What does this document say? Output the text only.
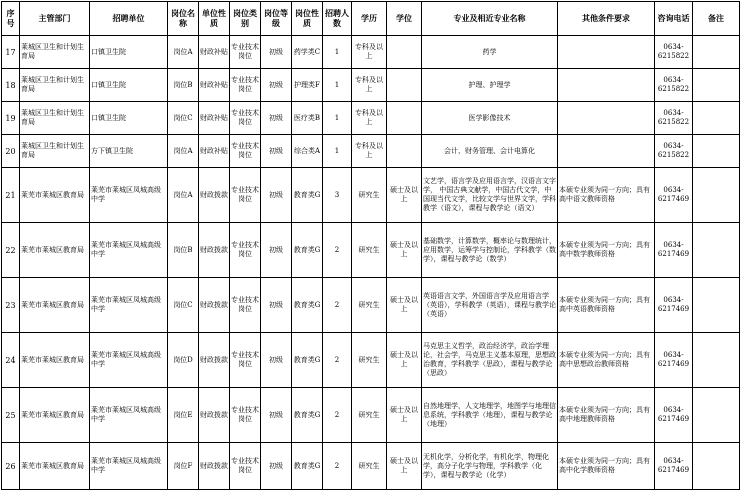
序号	主管部门	招聘单位	岗位名称	单位性质	岗位类别	岗位等级	岗位性质	招聘人数	学历	学位	专业及相近专业名称	其他条件要求	咨询电话	备注
17	莱城区卫生和计划生育局	口镇卫生院	岗位A	财政补贴	专业技术岗位	初级	药学类C	1	专科及以上		药学		0634-6215822	
18	莱城区卫生和计划生育局	口镇卫生院	岗位B	财政补贴	专业技术岗位	初级	护理类F	1	专科及以上		护理、护理学		0634-6215822	
19	莱城区卫生和计划生育局	口镇卫生院	岗位C	财政补贴	专业技术岗位	初级	医疗类B	1	专科及以上		医学影像技术		0634-6215822	
20	莱城区卫生和计划生育局	方下镇卫生院	岗位A	财政补贴	专业技术岗位	初级	综合类A	1	专科及以上		会计、财务管理、会计电算化		0634-6215822	
21	莱芜市莱城区教育局	莱芜市莱城区凤城高级中学	岗位A	财政拨款	专业技术岗位	初级	教育类G	3	研究生	硕士及以上	文艺学，语言学及应用语言学，汉语言文字学， 中国古典文献学，中国古代文学，中国现当代文学，比较文学与世界文学，学科教学（语文），课程与教学论（语文）	本硕专业须为同一方向；具有高中语文教师资格	0634-6217469	
22	莱芜市莱城区教育局	莱芜市莱城区凤城高级中学	岗位B	财政拨款	专业技术岗位	初级	教育类G	2	研究生	硕士及以上	基础数学，计算数学，概率论与数理统计，应用数学，运筹学与控制论，学科教学（数学），课程与教学论（数学）	本硕专业须为同一方向；具有高中数学教师资格	0634-6217469	
23	莱芜市莱城区教育局	莱芜市莱城区凤城高级中学	岗位C	财政拨款	专业技术岗位	初级	教育类G	2	研究生	硕士及以上	英语语言文学，外国语言学及应用语言学（英语），学科教学（英语），课程与教学论（英语）	本硕专业须为同一方向；具有高中英语教师资格	0634-6217469	
24	莱芜市莱城区教育局	莱芜市莱城区凤城高级中学	岗位D	财政拨款	专业技术岗位	初级	教育类G	2	研究生	硕士及以上	马克思主义哲学，政治经济学，政治学理论，社会学，马克思主义基本原理，思想政治教育，学科教学（思政），课程与教学论（思政）	本硕专业须为同一方向；具有高中思想政治教师资格	0634-6217469	
25	莱芜市莱城区教育局	莱芜市莱城区凤城高级中学	岗位E	财政拨款	专业技术岗位	初级	教育类G	2	研究生	硕士及以上	自然地理学，人文地理学，地图学与地理信息系统，学科教学（地理），课程与教学论（地理）	本硕专业须为同一方向；具有高中地理教师资格	0634-6217469	
26	莱芜市莱城区教育局	莱芜市莱城区凤城高级中学	岗位F	财政拨款	专业技术岗位	初级	教育类G	2	研究生	硕士及以上	无机化学，分析化学，有机化学，物理化学，高分子化学与物理，学科教学（化学），课程与教学论（化学）	本硕专业须为同一方向；具有高中化学教师资格	0634-6217469	
